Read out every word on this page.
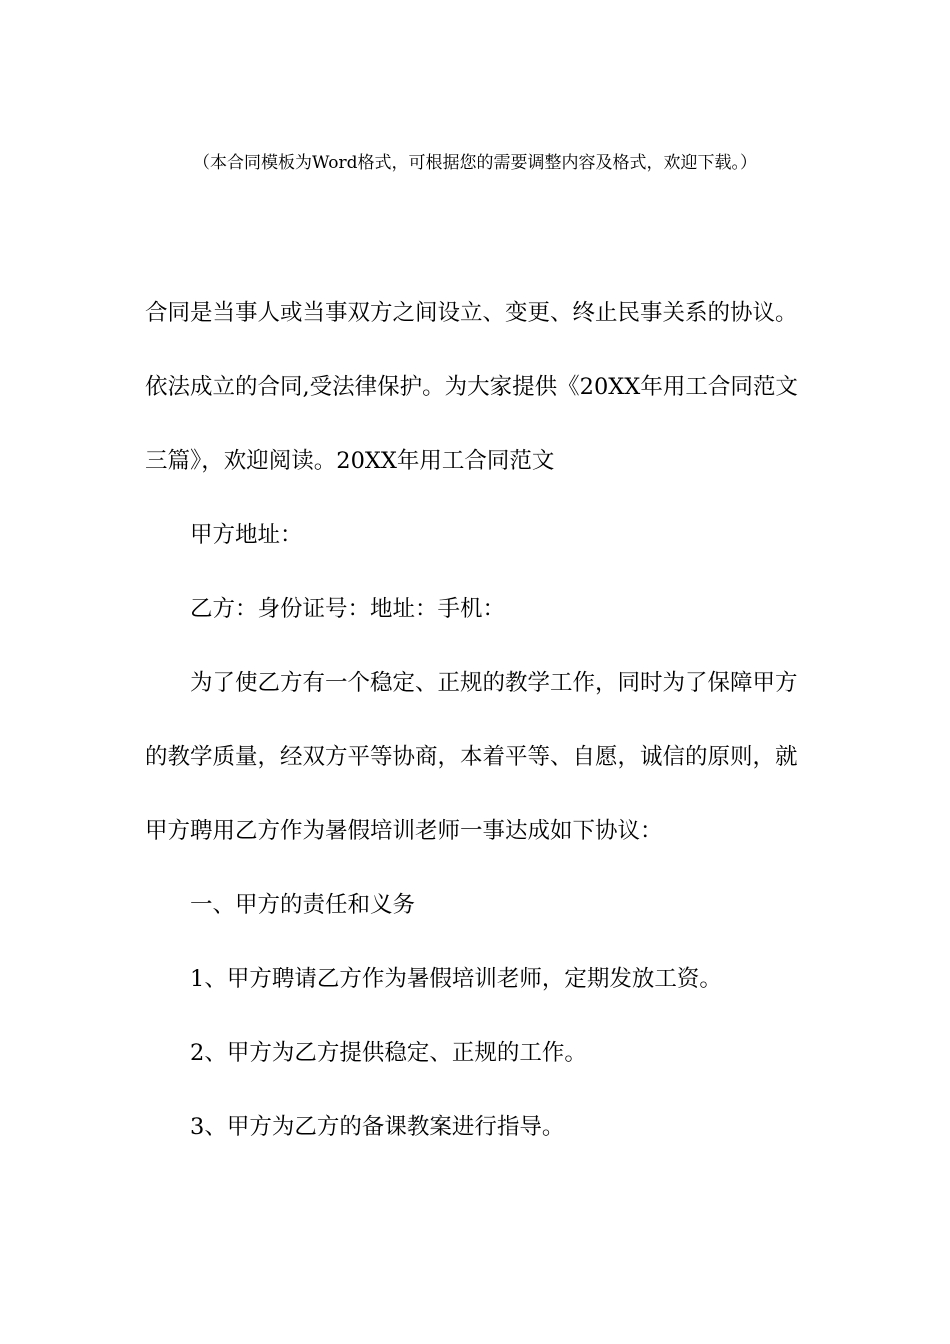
（本合同模板为Word格式，可根据您的需要调整内容及格式，欢迎下载。）
合同是当事人或当事双方之间设立、变更、终止民事关系的协议。
依法成立的合同,受法律保护。为大家提供《20XX年用工合同范文
三篇》，欢迎阅读。20XX年用工合同范文
甲方地址：
乙方：身份证号：地址：手机：
为了使乙方有一个稳定、正规的教学工作，同时为了保障甲方
的教学质量，经双方平等协商，本着平等、自愿，诚信的原则，就
甲方聘用乙方作为暑假培训老师一事达成如下协议：
一、甲方的责任和义务
1、甲方聘请乙方作为暑假培训老师，定期发放工资。
2、甲方为乙方提供稳定、正规的工作。
3、甲方为乙方的备课教案进行指导。
